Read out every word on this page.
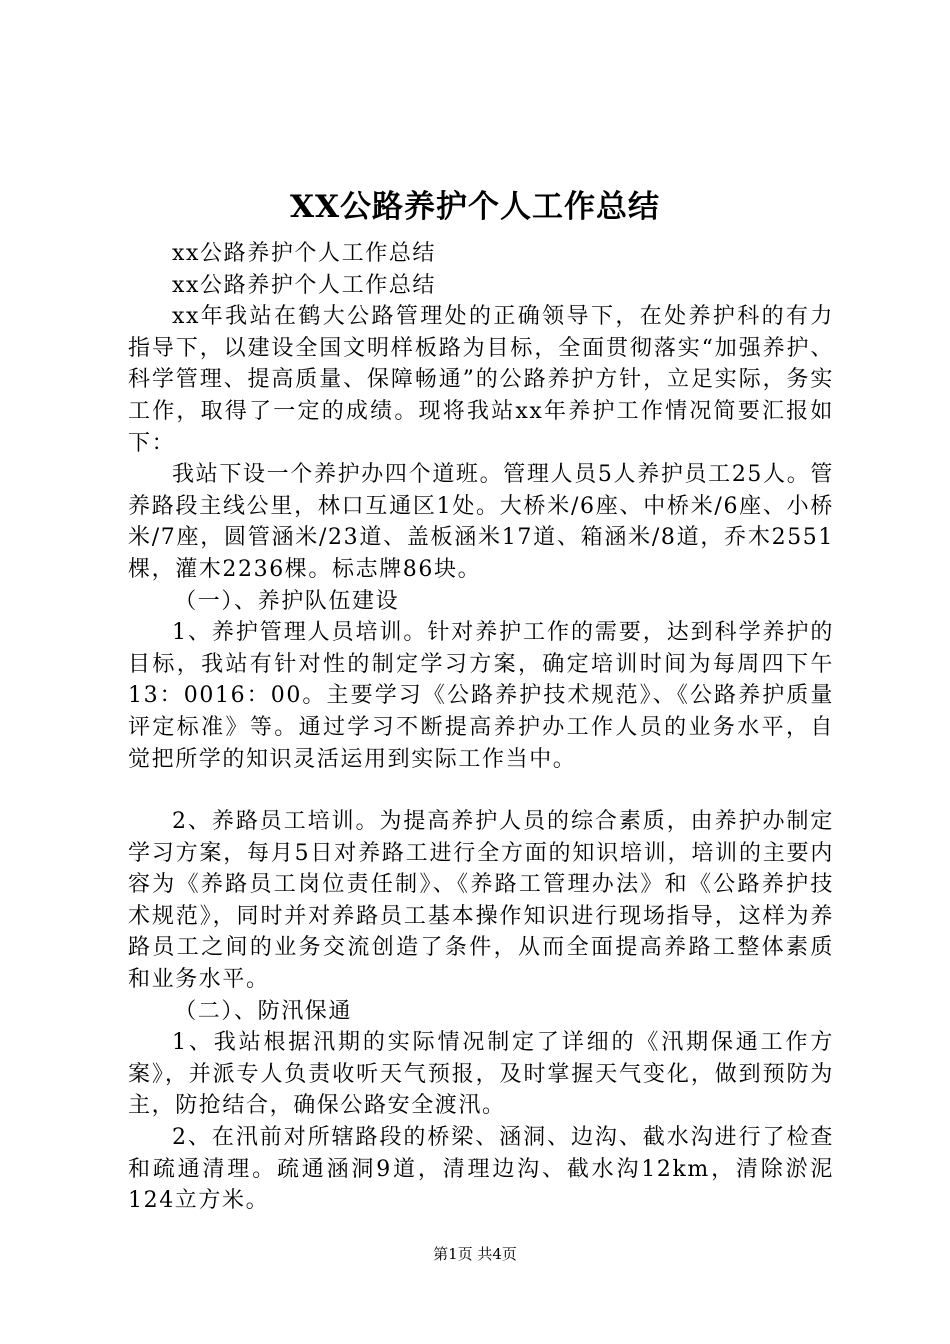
XX公路养护个人工作总结

xx公路养护个人工作总结

xx公路养护个人工作总结

xx年我站在鹤大公路管理处的正确领导下，在处养护科的有力指导下，以建设全国文明样板路为目标，全面贯彻落实“加强养护、科学管理、提高质量、保障畅通”的公路养护方针，立足实际，务实工作，取得了一定的成绩。现将我站xx年养护工作情况简要汇报如下：

我站下设一个养护办四个道班。管理人员5人养护员工25人。管养路段主线公里，林口互通区1处。大桥米/6座、中桥米/6座、小桥米/7座，圆管涵米/23道、盖板涵米17道、箱涵米/8道，乔木2551棵，灌木2236棵。标志牌86块。

（一）、养护队伍建设

1、养护管理人员培训。针对养护工作的需要，达到科学养护的目标，我站有针对性的制定学习方案，确定培训时间为每周四下午13：0016：00。主要学习《公路养护技术规范》、《公路养护质量评定标准》等。通过学习不断提高养护办工作人员的业务水平，自觉把所学的知识灵活运用到实际工作当中。

2、养路员工培训。为提高养护人员的综合素质，由养护办制定学习方案，每月5日对养路工进行全方面的知识培训，培训的主要内容为《养路员工岗位责任制》、《养路工管理办法》和《公路养护技术规范》，同时并对养路员工基本操作知识进行现场指导，这样为养路员工之间的业务交流创造了条件，从而全面提高养路工整体素质和业务水平。

（二）、防汛保通

1、我站根据汛期的实际情况制定了详细的《汛期保通工作方案》，并派专人负责收听天气预报，及时掌握天气变化，做到预防为主，防抢结合，确保公路安全渡汛。

2、在汛前对所辖路段的桥梁、涵洞、边沟、截水沟进行了检查和疏通清理。疏通涵洞9道，清理边沟、截水沟12km，清除淤泥124立方米。

第1页 共4页
